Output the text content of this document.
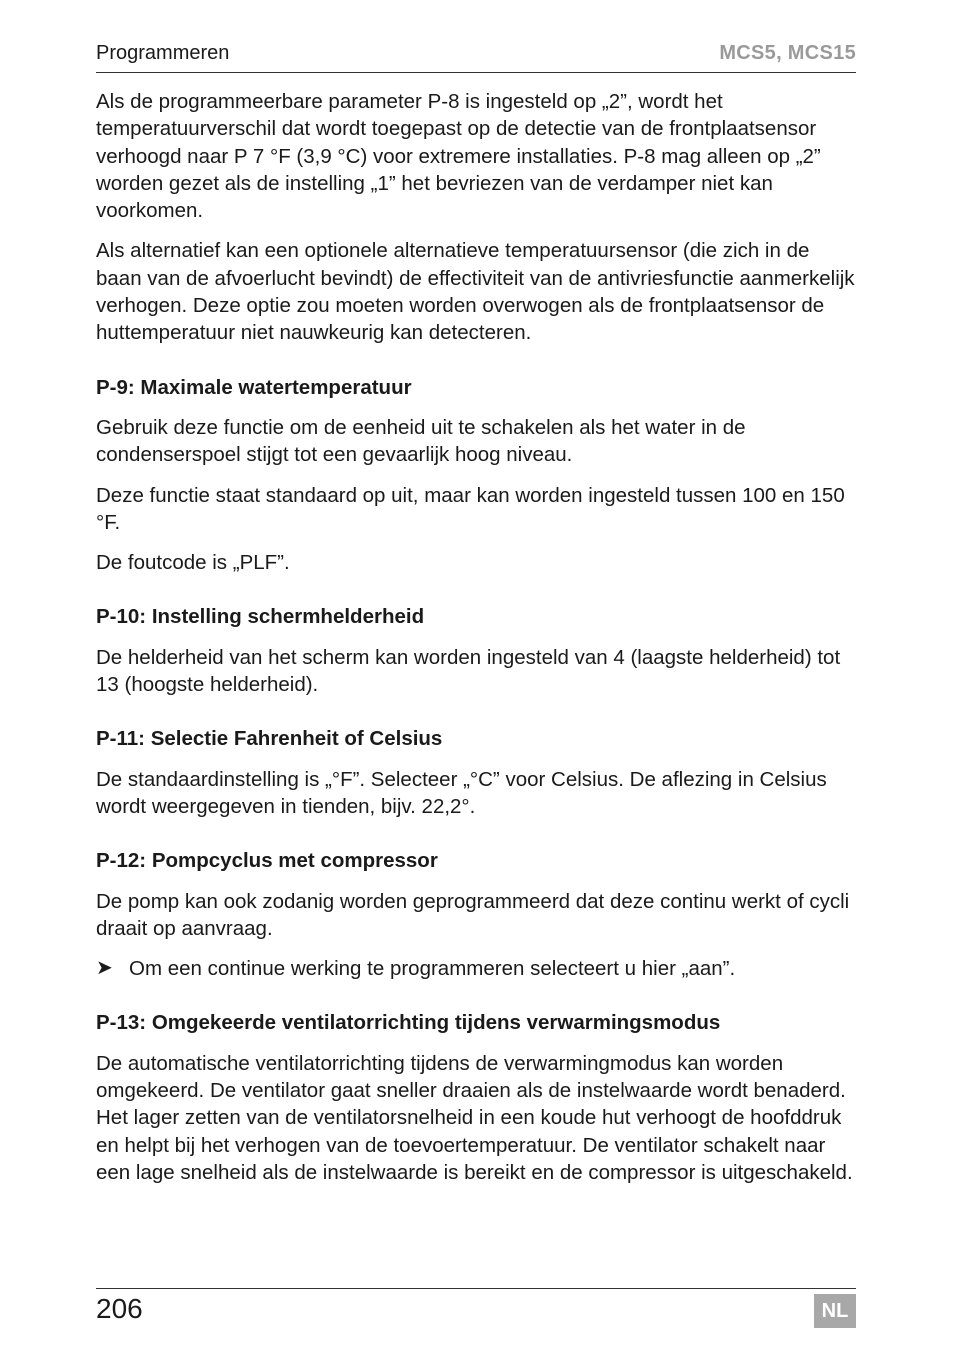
Programmeren	MCS5, MCS15

Als de programmeerbare parameter P-8 is ingesteld op „2”, wordt het temperatuurverschil dat wordt toegepast op de detectie van de frontplaatsensor verhoogd naar P 7 °F (3,9 °C) voor extremere installaties. P-8 mag alleen op „2” worden gezet als de instelling „1” het bevriezen van de verdamper niet kan voorkomen.

Als alternatief kan een optionele alternatieve temperatuursensor (die zich in de baan van de afvoerlucht bevindt) de effectiviteit van de antivriesfunctie aanmerkelijk verhogen. Deze optie zou moeten worden overwogen als de frontplaatsensor de huttemperatuur niet nauwkeurig kan detecteren.

P-9: Maximale watertemperatuur

Gebruik deze functie om de eenheid uit te schakelen als het water in de condenserspoel stijgt tot een gevaarlijk hoog niveau.

Deze functie staat standaard op uit, maar kan worden ingesteld tussen 100 en 150 °F.

De foutcode is „PLF”.

P-10: Instelling schermhelderheid

De helderheid van het scherm kan worden ingesteld van 4 (laagste helderheid) tot 13 (hoogste helderheid).

P-11: Selectie Fahrenheit of Celsius

De standaardinstelling is „°F”. Selecteer „°C” voor Celsius. De aflezing in Celsius wordt weergegeven in tienden, bijv. 22,2°.

P-12: Pompcyclus met compressor

De pomp kan ook zodanig worden geprogrammeerd dat deze continu werkt of cycli draait op aanvraag.

➤ Om een continue werking te programmeren selecteert u hier „aan”.
P-13: Omgekeerde ventilatorrichting tijdens verwarmingsmodus

De automatische ventilatorrichting tijdens de verwarmingmodus kan worden omgekeerd. De ventilator gaat sneller draaien als de instelwaarde wordt benaderd. Het lager zetten van de ventilatorsnelheid in een koude hut verhoogt de hoofddruk en helpt bij het verhogen van de toevoertemperatuur. De ventilator schakelt naar een lage snelheid als de instelwaarde is bereikt en de compressor is uitgeschakeld.

206	NL
